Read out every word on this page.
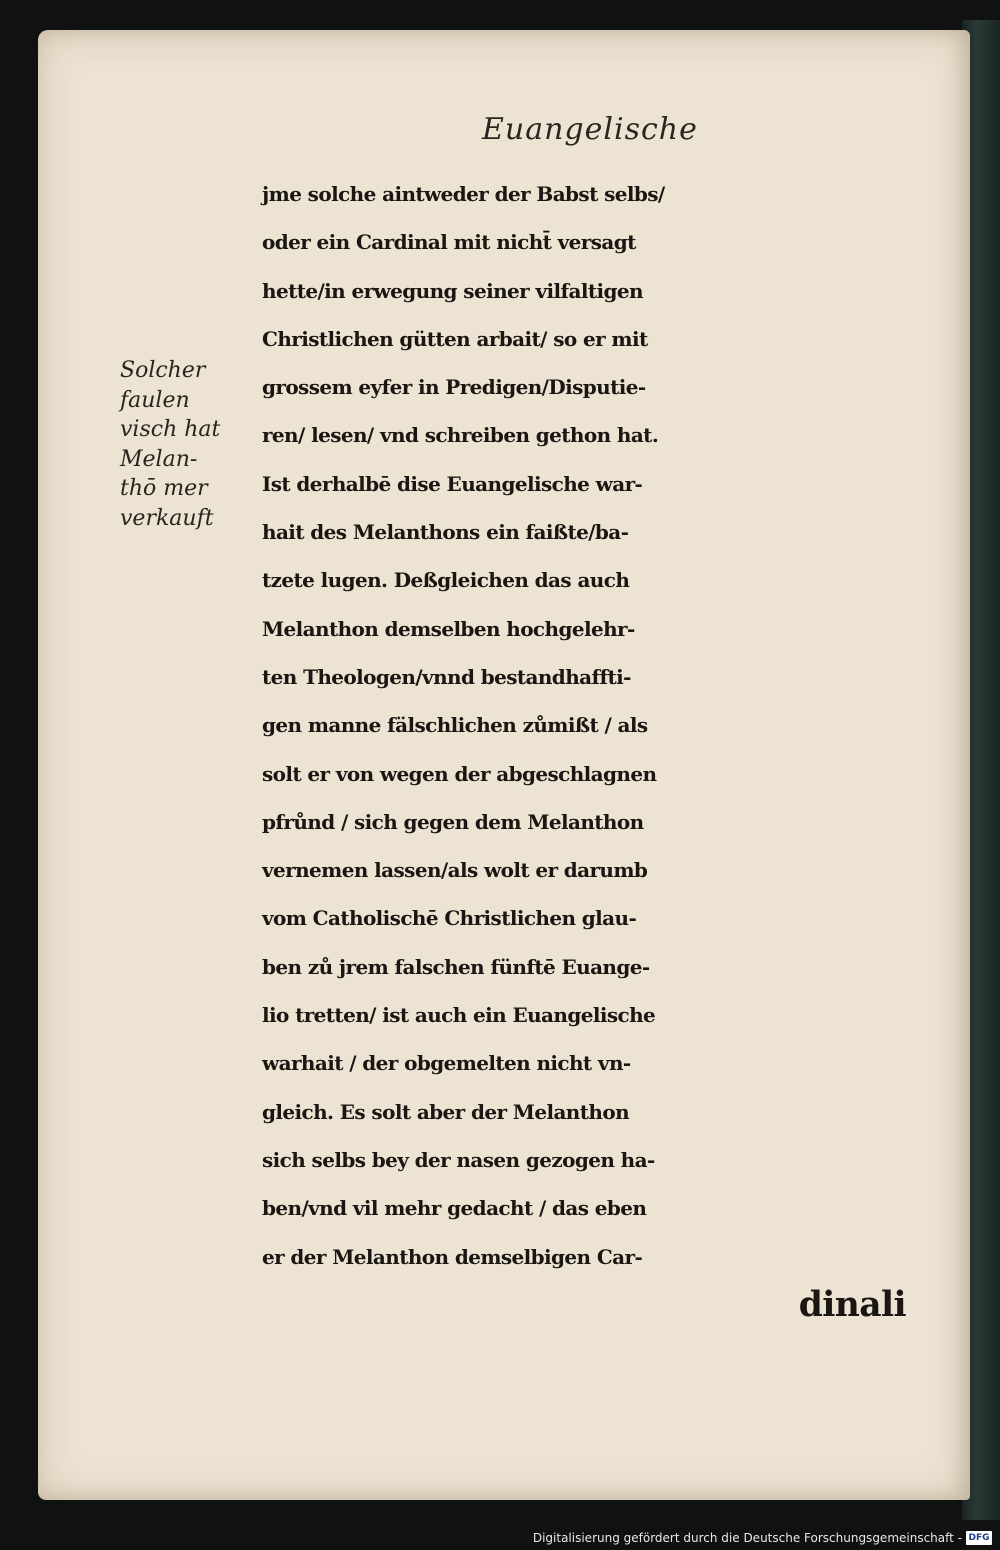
Euangelische
Solcher
faulen
visch hat
Melan‐
thō mer
verkauft
jme solche aintweder der Babst selbs/
oder ein Cardinal mit nicht̄ versagt
hette/in erwegung seiner vilfaltigen
Christlichen gütten arbait/ so er mit
grossem eyfer in Predigen/Disputie‐
ren/ lesen/ vnd schreiben gethon hat.
Ist derhalbē dise Euangelische war‐
hait des Melanthons ein faißte/ba‐
tzete lugen. Deßgleichen das auch
Melanthon demselben hochgelehr‐
ten Theologen/vnnd bestandhaffti‐
gen manne fälschlichen zůmißt / als
solt er von wegen der abgeschlagnen
pfrůnd / sich gegen dem Melanthon
vernemen lassen/als wolt er darumb
vom Catholischē Christlichen glau‐
ben zů jrem falschen fünftē Euange‐
lio tretten/ ist auch ein Euangelische
warhait / der obgemelten nicht vn‐
gleich. Es solt aber der Melanthon
sich selbs bey der nasen gezogen ha‐
ben/vnd vil mehr gedacht / das eben
er der Melanthon demselbigen Car‐
dinali
Digitalisierung gefördert durch die Deutsche Forschungsgemeinschaft - DFG
